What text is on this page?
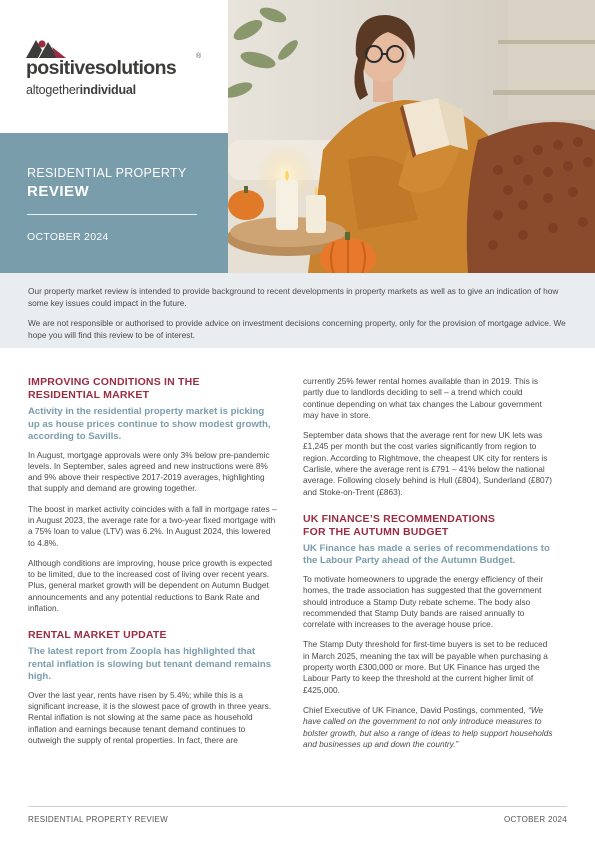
positivesolutions
®
altogetherindividual
RESIDENTIAL PROPERTY
REVIEW
OCTOBER 2024

Our property market review is intended to provide background to recent developments in property markets as well as to give an indication of how some key issues could impact in the future.

We are not responsible or authorised to provide advice on investment decisions concerning property, only for the provision of mortgage advice. We hope you will find this review to be of interest.

IMPROVING CONDITIONS IN THE
RESIDENTIAL MARKET
Activity in the residential property market is picking up as house prices continue to show modest growth, according to Savills.

In August, mortgage approvals were only 3% below pre-pandemic levels. In September, sales agreed and new instructions were 8% and 9% above their respective 2017-2019 averages, highlighting that supply and demand are growing together.

The boost in market activity coincides with a fall in mortgage rates – in August 2023, the average rate for a two-year fixed mortgage with a 75% loan to value (LTV) was 6.2%. In August 2024, this lowered to 4.8%.

Although conditions are improving, house price growth is expected to be limited, due to the increased cost of living over recent years. Plus, general market growth will be dependent on Autumn Budget announcements and any potential reductions to Bank Rate and inflation.

RENTAL MARKET UPDATE
The latest report from Zoopla has highlighted that rental inflation is slowing but tenant demand remains high.

Over the last year, rents have risen by 5.4%; while this is a significant increase, it is the slowest pace of growth in three years. Rental inflation is not slowing at the same pace as household inflation and earnings because tenant demand continues to outweigh the supply of rental properties. In fact, there are

currently 25% fewer rental homes available than in 2019. This is partly due to landlords deciding to sell – a trend which could continue depending on what tax changes the Labour government may have in store.

September data shows that the average rent for new UK lets was £1,245 per month but the cost varies significantly from region to region. According to Rightmove, the cheapest UK city for renters is Carlisle, where the average rent is £791 – 41% below the national average. Following closely behind is Hull (£804), Sunderland (£807) and Stoke-on-Trent (£863).

UK FINANCE’S RECOMMENDATIONS
FOR THE AUTUMN BUDGET
UK Finance has made a series of recommendations to the Labour Party ahead of the Autumn Budget.

To motivate homeowners to upgrade the energy efficiency of their homes, the trade association has suggested that the government should introduce a Stamp Duty rebate scheme. The body also recommended that Stamp Duty bands are raised annually to correlate with increases to the average house price.

The Stamp Duty threshold for first-time buyers is set to be reduced in March 2025, meaning the tax will be payable when purchasing a property worth £300,000 or more. But UK Finance has urged the Labour Party to keep the threshold at the current higher limit of £425,000.

Chief Executive of UK Finance, David Postings, commented, “We have called on the government to not only introduce measures to bolster growth, but also a range of ideas to help support households and businesses up and down the country.”

RESIDENTIAL PROPERTY REVIEW	OCTOBER 2024
